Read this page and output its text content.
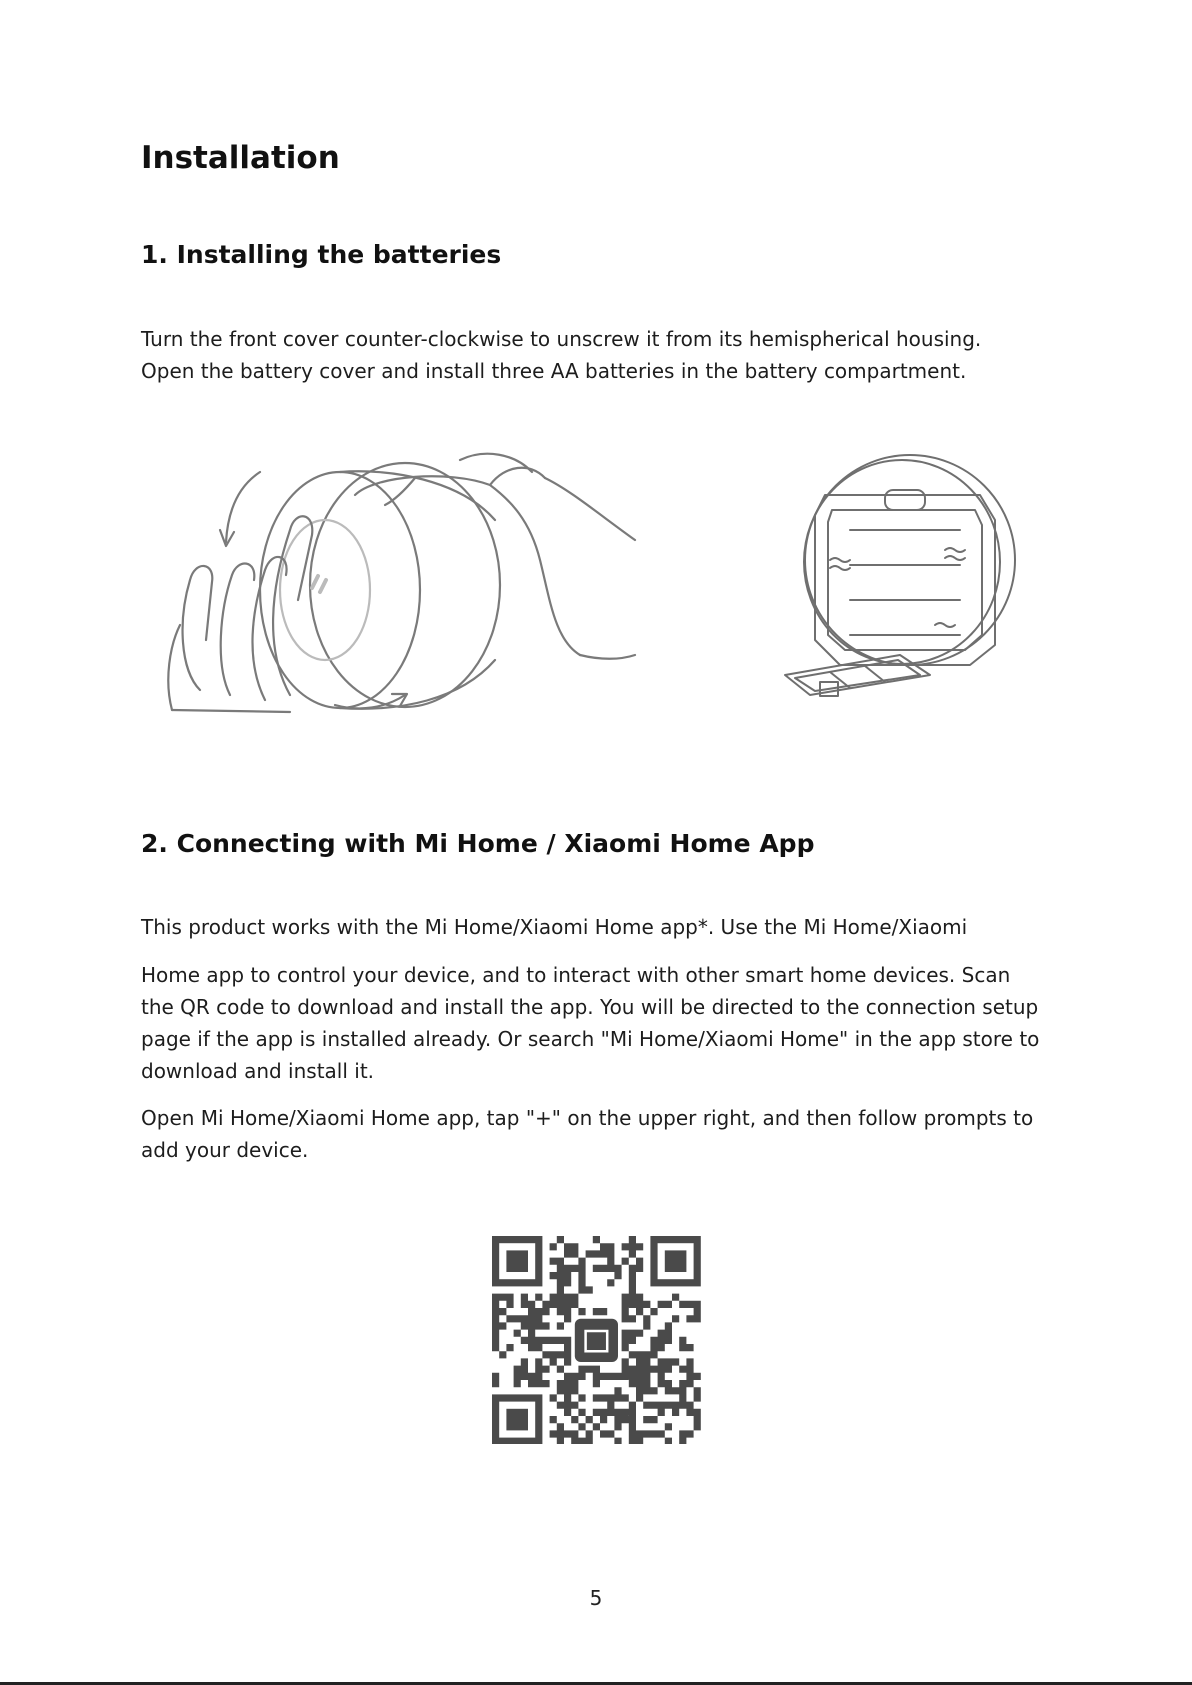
Installation
1. Installing the batteries

Turn the front cover counter-clockwise to unscrew it from its hemispherical housing. Open the battery cover and install three AA batteries in the battery compartment.

2. Connecting with Mi Home / Xiaomi Home App

This product works with the Mi Home/Xiaomi Home app*. Use the Mi Home/Xiaomi

Home app to control your device, and to interact with other smart home devices. Scan the QR code to download and install the app. You will be directed to the connection setup page if the app is installed already. Or search "Mi Home/Xiaomi Home" in the app store to download and install it.

Open Mi Home/Xiaomi Home app, tap "+" on the upper right, and then follow prompts to add your device.

5
